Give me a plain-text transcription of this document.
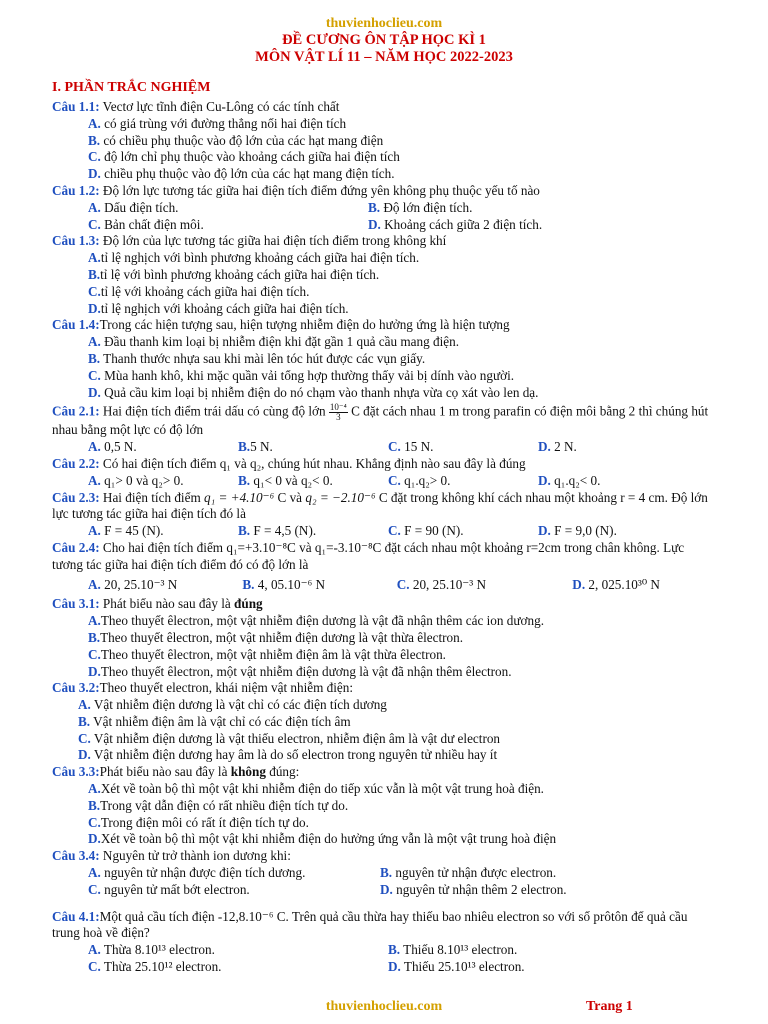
thuvienhoclieu.com
ĐỀ CƯƠNG ÔN TẬP HỌC KÌ 1
MÔN VẬT LÍ 11 – NĂM HỌC 2022-2023
I. PHẦN TRẮC NGHIỆM

Câu 1.1: Vectơ lực tĩnh điện Cu-Lông có các tính chất

A. có giá trùng với đường thẳng nối hai điện tích

B. có chiều phụ thuộc vào độ lớn của các hạt mang điện

C. độ lớn chỉ phụ thuộc vào khoảng cách giữa hai điện tích

D. chiều phụ thuộc vào độ lớn của các hạt mang điện tích.

Câu 1.2: Độ lớn lực tương tác giữa hai điện tích điểm đứng yên không phụ thuộc yếu tố nào

A. Dấu điện tích.	B. Độ lớn điện tích.
C. Bản chất điện môi.	D. Khoảng cách giữa 2 điện tích.

Câu 1.3: Độ lớn của lực tương tác giữa hai điện tích điểm trong không khí

A.tỉ lệ nghịch với bình phương khoảng cách giữa hai điện tích.

B.tỉ lệ với bình phương khoảng cách giữa hai điện tích.

C.tỉ lệ với khoảng cách giữa hai điện tích.

D.tỉ lệ nghịch với khoảng cách giữa hai điện tích.

Câu 1.4:Trong các hiện tượng sau, hiện tượng nhiễm điện do hưởng ứng là hiện tượng

A. Đầu thanh kim loại bị nhiễm điện khi đặt gần 1 quả cầu mang điện.

B. Thanh thước nhựa sau khi mài lên tóc hút được các vụn giấy.

C. Mùa hanh khô, khi mặc quần vải tổng hợp thường thấy vải bị dính vào người.

D. Quả cầu kim loại bị nhiễm điện do nó chạm vào thanh nhựa vừa cọ xát vào len dạ.

Câu 2.1: Hai điện tích điểm trái dấu có cùng độ lớn $\frac{\text{10⁻⁴}}{3}$ C đặt cách nhau 1 m trong parafin có điện môi bằng 2 thì chúng hút nhau bằng một lực có độ lớn

A. 0,5 N.	B.5 N.	C. 15 N.	D. 2 N.

Câu 2.2: Có hai điện tích điểm q₁ và q₂, chúng hút nhau. Khẳng định nào sau đây là đúng

A. q₁> 0 và q₂> 0.	B. q₁< 0 và q₂< 0.	C. q₁.q₂> 0.	D. q₁.q₂< 0.

Câu 2.3: Hai điện tích điểm q₁ = +4.10⁻⁶ C và q₂ = −2.10⁻⁶ C đặt trong không khí cách nhau một khoảng r = 4 cm. Độ lớn lực tương tác giữa hai điện tích đó là

A. F = 45 (N).	B. F = 4,5 (N).	C. F = 90 (N).	D. F = 9,0 (N).

Câu 2.4: Cho hai điện tích điểm q₁=+3.10⁻⁸C và q₁=-3.10⁻⁸C đặt cách nhau một khoảng r=2cm trong chân không. Lực tương tác giữa hai điện tích điểm đó có độ lớn là

A. 20, 25.10⁻³ N	B. 4, 05.10⁻⁶ N	C. 20, 25.10⁻³ N	D. 2, 025.10³⁰ N

Câu 3.1: Phát biểu nào sau đây là đúng

A.Theo thuyết êlectron, một vật nhiễm điện dương là vật đã nhận thêm các ion dương.

B.Theo thuyết êlectron, một vật nhiễm điện dương là vật thừa êlectron.

C.Theo thuyết êlectron, một vật nhiễm điện âm là vật thừa êlectron.

D.Theo thuyết êlectron, một vật nhiễm điện dương là vật đã nhận thêm êlectron.

Câu 3.2:Theo thuyết electron, khái niệm vật nhiễm điện:

A. Vật nhiễm điện dương là vật chỉ có các điện tích dương

B. Vật nhiễm điện âm là vật chỉ có các điện tích âm

C. Vật nhiễm điện dương là vật thiếu electron, nhiễm điện âm là vật dư electron

D. Vật nhiễm điện dương hay âm là do số electron trong nguyên tử nhiều hay ít

Câu 3.3:Phát biểu nào sau đây là không đúng:

A.Xét về toàn bộ thì một vật khi nhiễm điện do tiếp xúc vẫn là một vật trung hoà điện.

B.Trong vật dẫn điện có rất nhiều điện tích tự do.

C.Trong điện môi có rất ít điện tích tự do.

D.Xét về toàn bộ thì một vật khi nhiễm điện do hưởng ứng vẫn là một vật trung hoà điện

Câu 3.4: Nguyên tử trở thành ion dương khi:

A. nguyên tử nhận được điện tích dương.	B. nguyên tử nhận được electron.
C. nguyên tử mất bớt electron.	D. nguyên tử nhận thêm 2 electron.

Câu 4.1:Một quả cầu tích điện -12,8.10⁻⁶ C. Trên quả cầu thừa hay thiếu bao nhiêu electron so với số prôtôn để quả cầu trung hoà về điện?

A. Thừa 8.10¹³ electron.	B. Thiếu 8.10¹³ electron.
C. Thừa 25.10¹² electron.	D. Thiếu 25.10¹³ electron.
thuvienhoclieu.com	Trang 1
